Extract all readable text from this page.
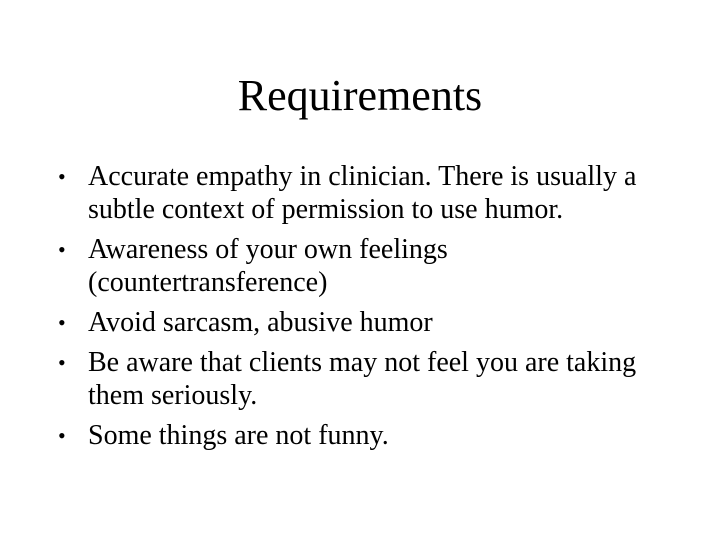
Requirements
• Accurate empathy in clinician. There is usually a subtle context of permission to use humor.
• Awareness of your own feelings (countertransference)
• Avoid sarcasm, abusive humor
• Be aware that clients may not feel you are taking them seriously.
• Some things are not funny.
